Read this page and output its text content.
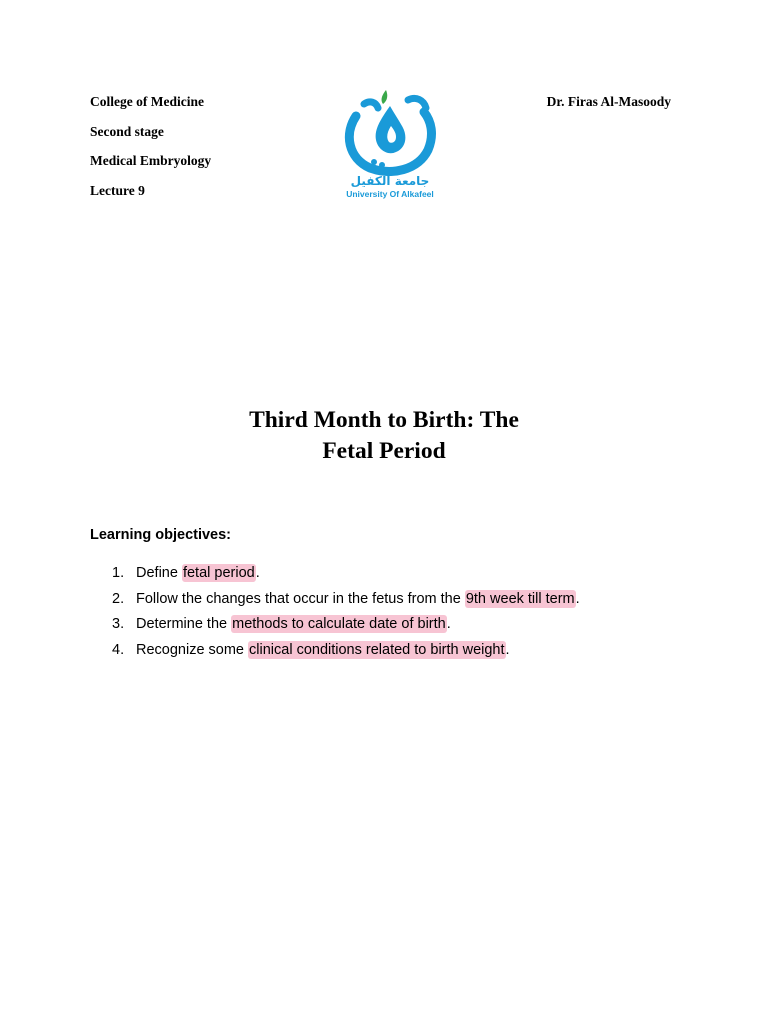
College of Medicine
Second stage
Medical Embryology
Lecture 9
Dr. Firas Al-Masoody
جامعة الكفيل
University Of Alkafeel
Third Month to Birth: The
Fetal Period
Learning objectives:
1. Define fetal period.
2. Follow the changes that occur in the fetus from the 9th week till term.
3. Determine the methods to calculate date of birth.
4. Recognize some clinical conditions related to birth weight.
